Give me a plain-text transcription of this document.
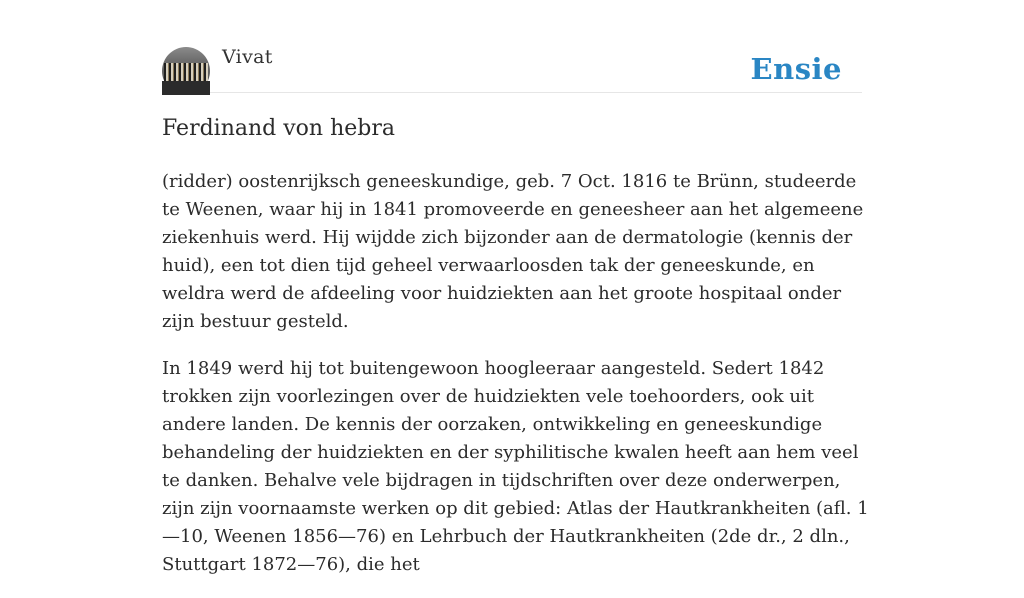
Vivat	Ensie
Ferdinand von hebra

(ridder) oostenrijksch geneeskundige, geb. 7 Oct. 1816 te Brünn, studeerde te Weenen, waar hij in 1841 promoveerde en geneesheer aan het algemeene ziekenhuis werd. Hij wijdde zich bijzonder aan de dermatologie (kennis der huid), een tot dien tijd geheel verwaarloosden tak der geneeskunde, en weldra werd de afdeeling voor huidziekten aan het groote hospitaal onder zijn bestuur gesteld.

In 1849 werd hij tot buitengewoon hoogleeraar aangesteld. Sedert 1842 trokken zijn voorlezingen over de huidziekten vele toehoorders, ook uit andere landen. De kennis der oorzaken, ontwikkeling en geneeskundige behandeling der huidziekten en der syphilitische kwalen heeft aan hem veel te danken. Behalve vele bijdragen in tijdschriften over deze onderwerpen, zijn zijn voornaamste werken op dit gebied: Atlas der Hautkrankheiten (afl. 1—10, Weenen 1856—76) en Lehrbuch der Hautkrankheiten (2de dr., 2 dln., Stuttgart 1872—76), die het
